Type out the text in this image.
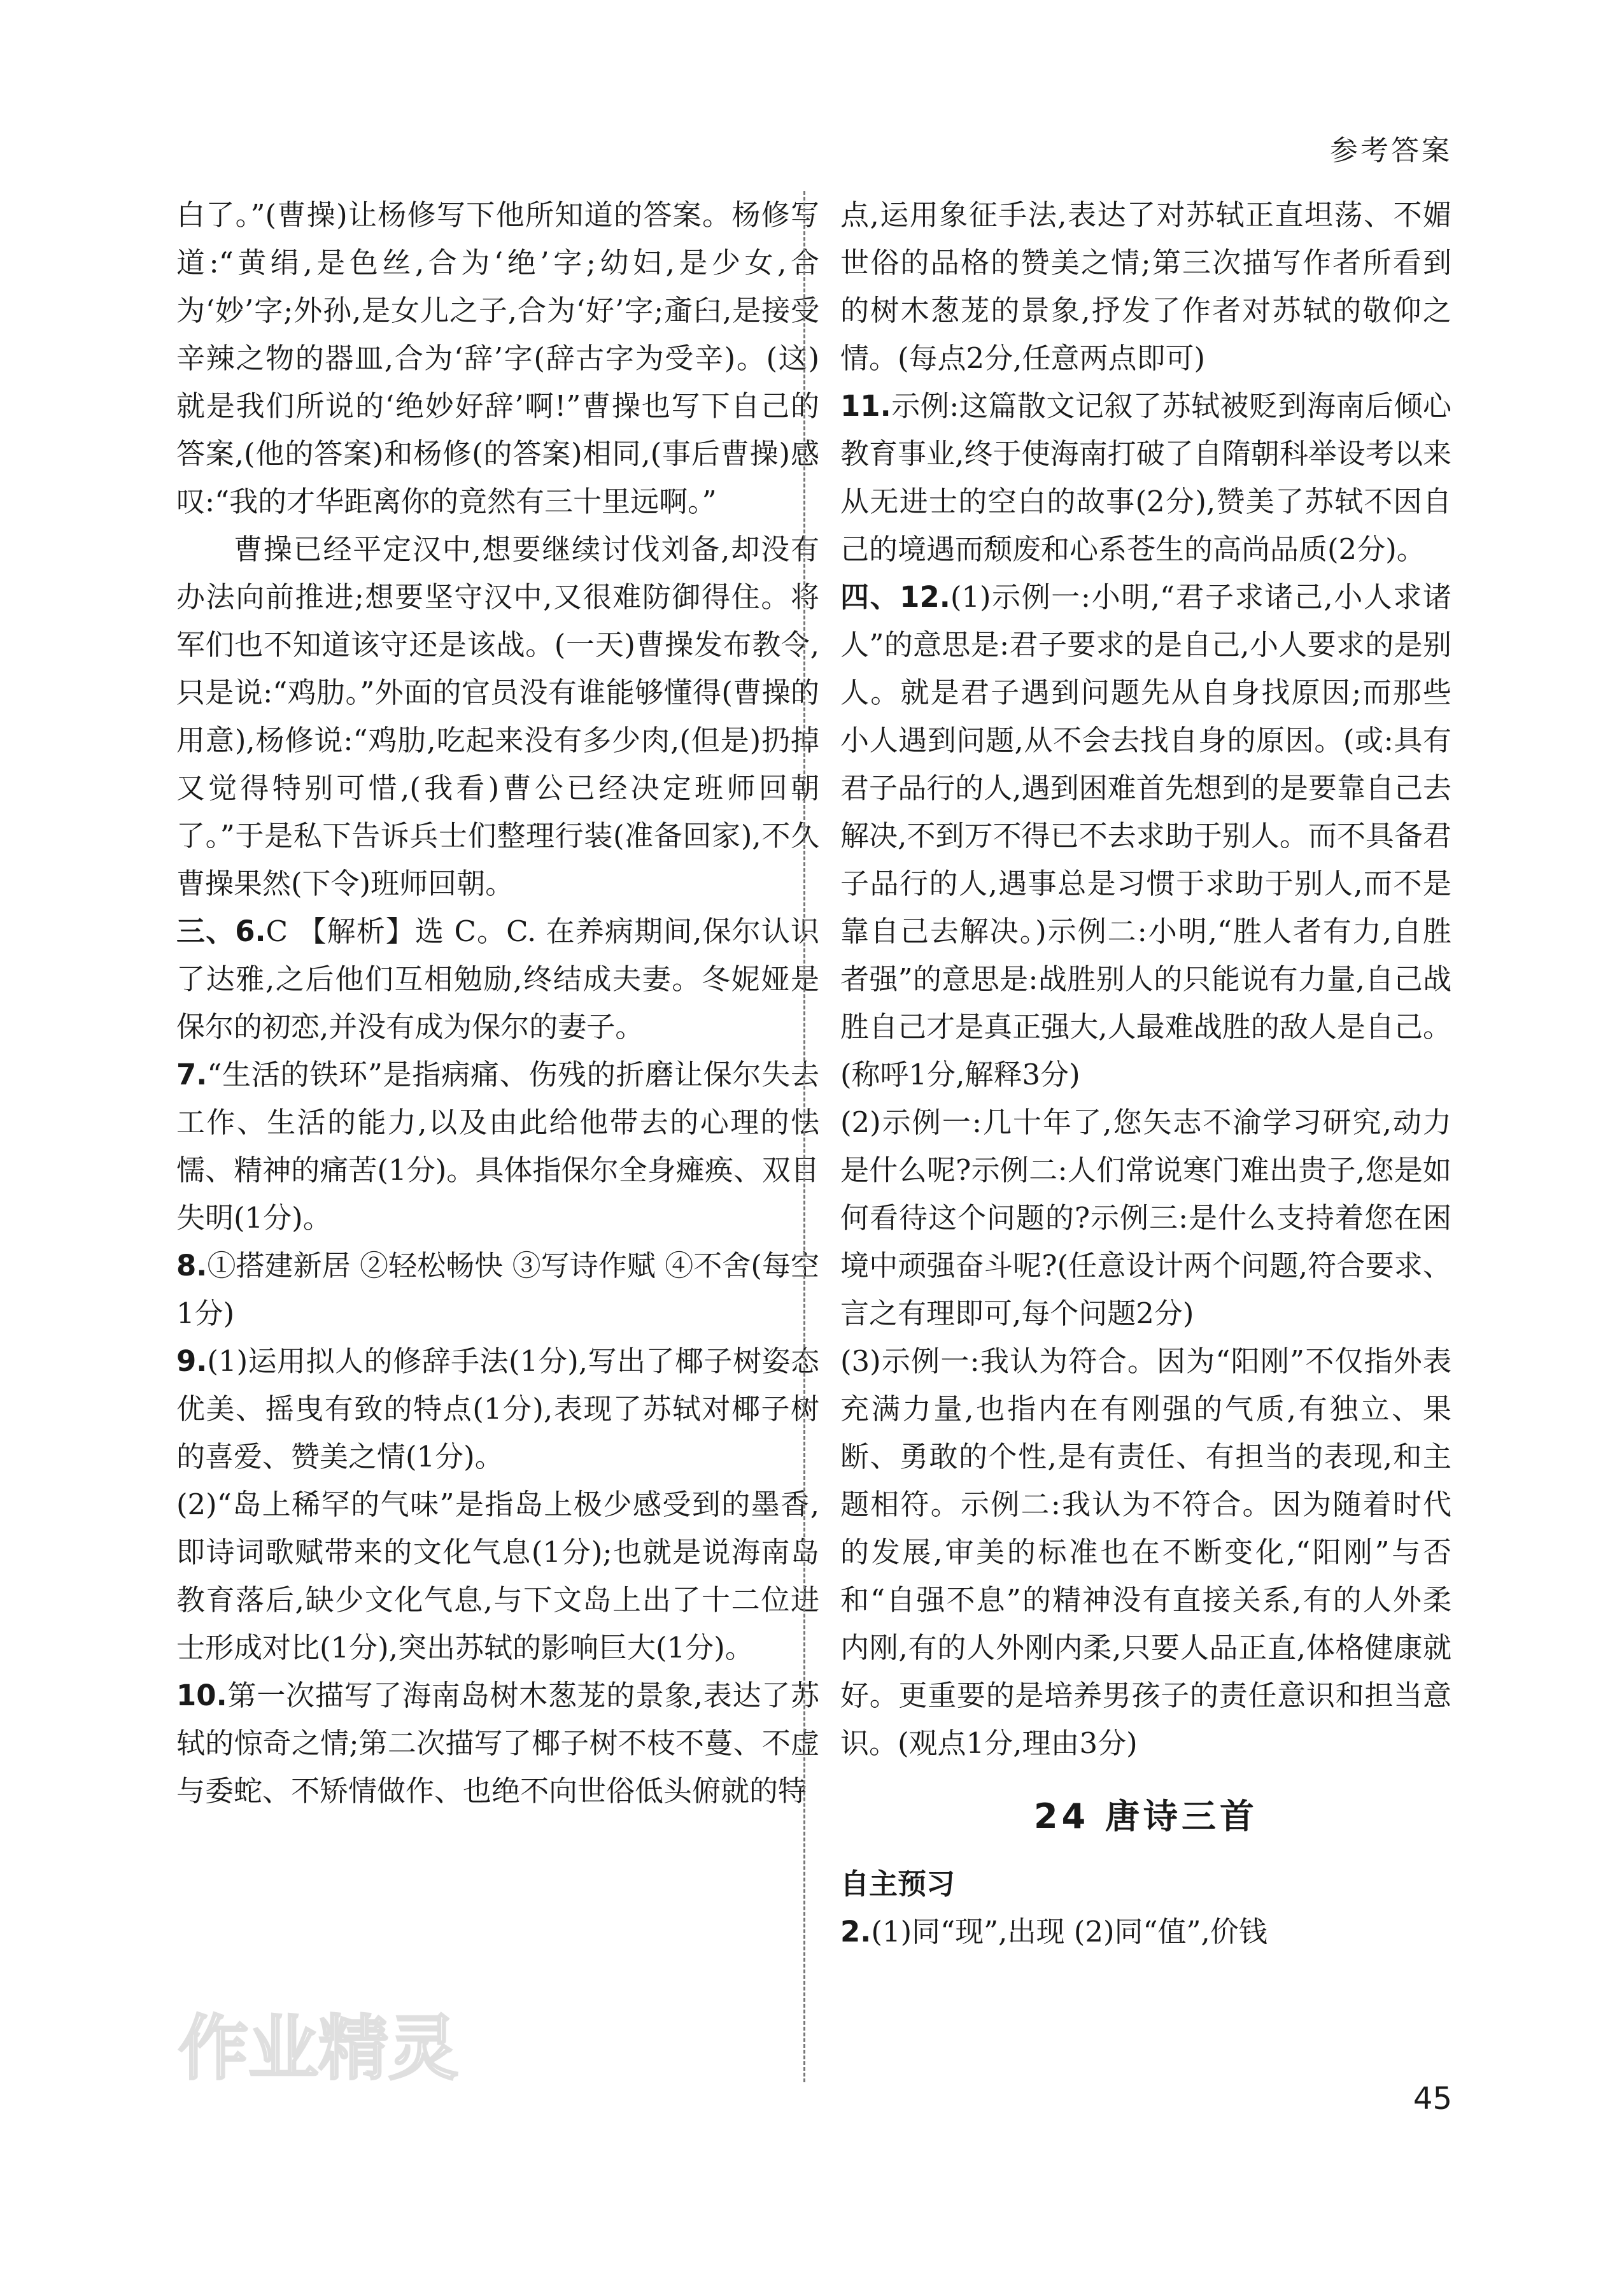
参考答案

白了。”(曹操)让杨修写下他所知道的答案。杨修写道:“黄绢,是色丝,合为‘绝’字;幼妇,是少女,合为‘妙’字;外孙,是女儿之子,合为‘好’字;齑臼,是接受辛辣之物的器皿,合为‘辞’字(辞古字为受辛)。(这)就是我们所说的‘绝妙好辞’啊!”曹操也写下自己的答案,(他的答案)和杨修(的答案)相同,(事后曹操)感叹:“我的才华距离你的竟然有三十里远啊。”

曹操已经平定汉中,想要继续讨伐刘备,却没有办法向前推进;想要坚守汉中,又很难防御得住。将军们也不知道该守还是该战。(一天)曹操发布教令,只是说:“鸡肋。”外面的官员没有谁能够懂得(曹操的用意),杨修说:“鸡肋,吃起来没有多少肉,(但是)扔掉又觉得特别可惜,(我看)曹公已经决定班师回朝了。”于是私下告诉兵士们整理行装(准备回家),不久曹操果然(下令)班师回朝。

三、6.C 【解析】选 C。C. 在养病期间,保尔认识了达雅,之后他们互相勉励,终结成夫妻。冬妮娅是保尔的初恋,并没有成为保尔的妻子。

7.“生活的铁环”是指病痛、伤残的折磨让保尔失去工作、生活的能力,以及由此给他带去的心理的怯懦、精神的痛苦(1分)。具体指保尔全身瘫痪、双目失明(1分)。

8.①搭建新居 ②轻松畅快 ③写诗作赋 ④不舍(每空1分)

9.(1)运用拟人的修辞手法(1分),写出了椰子树姿态优美、摇曳有致的特点(1分),表现了苏轼对椰子树的喜爱、赞美之情(1分)。

(2)“岛上稀罕的气味”是指岛上极少感受到的墨香,即诗词歌赋带来的文化气息(1分);也就是说海南岛教育落后,缺少文化气息,与下文岛上出了十二位进士形成对比(1分),突出苏轼的影响巨大(1分)。

10.第一次描写了海南岛树木葱茏的景象,表达了苏轼的惊奇之情;第二次描写了椰子树不枝不蔓、不虚与委蛇、不矫情做作、也绝不向世俗低头俯就的特

点,运用象征手法,表达了对苏轼正直坦荡、不媚世俗的品格的赞美之情;第三次描写作者所看到的树木葱茏的景象,抒发了作者对苏轼的敬仰之情。(每点2分,任意两点即可)

11.示例:这篇散文记叙了苏轼被贬到海南后倾心教育事业,终于使海南打破了自隋朝科举设考以来从无进士的空白的故事(2分),赞美了苏轼不因自己的境遇而颓废和心系苍生的高尚品质(2分)。

四、12.(1)示例一:小明,“君子求诸己,小人求诸人”的意思是:君子要求的是自己,小人要求的是别人。就是君子遇到问题先从自身找原因;而那些小人遇到问题,从不会去找自身的原因。(或:具有君子品行的人,遇到困难首先想到的是要靠自己去解决,不到万不得已不去求助于别人。而不具备君子品行的人,遇事总是习惯于求助于别人,而不是靠自己去解决。)示例二:小明,“胜人者有力,自胜者强”的意思是:战胜别人的只能说有力量,自己战胜自己才是真正强大,人最难战胜的敌人是自己。(称呼1分,解释3分)

(2)示例一:几十年了,您矢志不渝学习研究,动力是什么呢?示例二:人们常说寒门难出贵子,您是如何看待这个问题的?示例三:是什么支持着您在困境中顽强奋斗呢?(任意设计两个问题,符合要求、言之有理即可,每个问题2分)

(3)示例一:我认为符合。因为“阳刚”不仅指外表充满力量,也指内在有刚强的气质,有独立、果断、勇敢的个性,是有责任、有担当的表现,和主题相符。示例二:我认为不符合。因为随着时代的发展,审美的标准也在不断变化,“阳刚”与否和“自强不息”的精神没有直接关系,有的人外柔内刚,有的人外刚内柔,只要人品正直,体格健康就好。更重要的是培养男孩子的责任意识和担当意识。(观点1分,理由3分)

24 唐诗三首
自主预习

2.(1)同“现”,出现 (2)同“值”,价钱

45
作业精灵
